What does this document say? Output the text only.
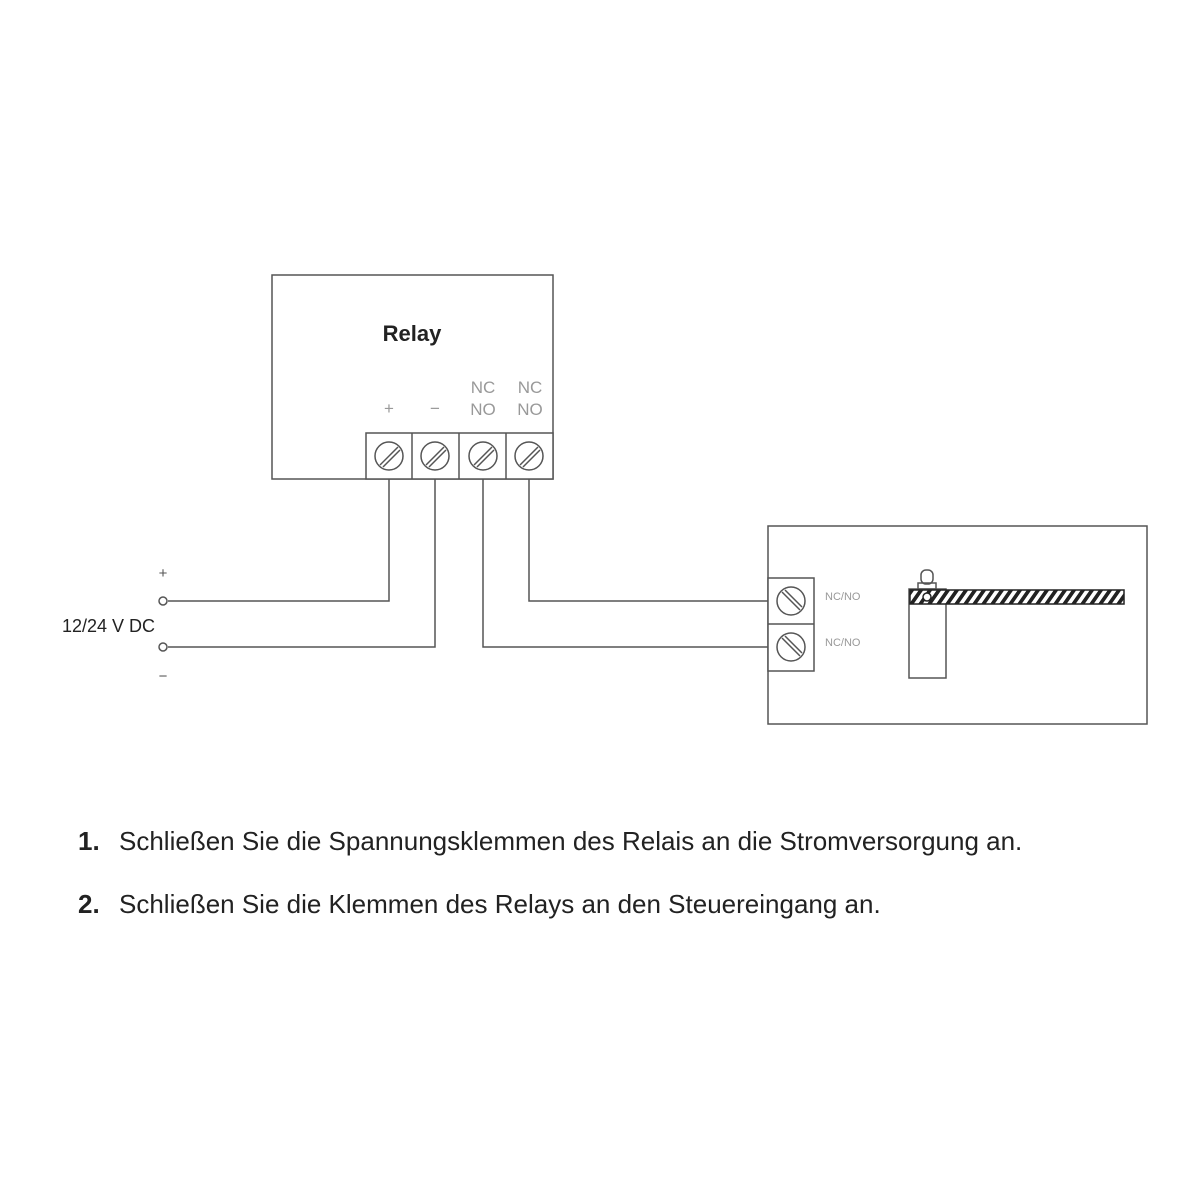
Relay
+ −
NC
NO
NC
NO
+
12/24 V DC
−
NC/NO
NC/NO
1. Schließen Sie die Spannungsklemmen des Relais an die Stromversorgung an.
2. Schließen Sie die Klemmen des Relays an den Steuereingang an.
